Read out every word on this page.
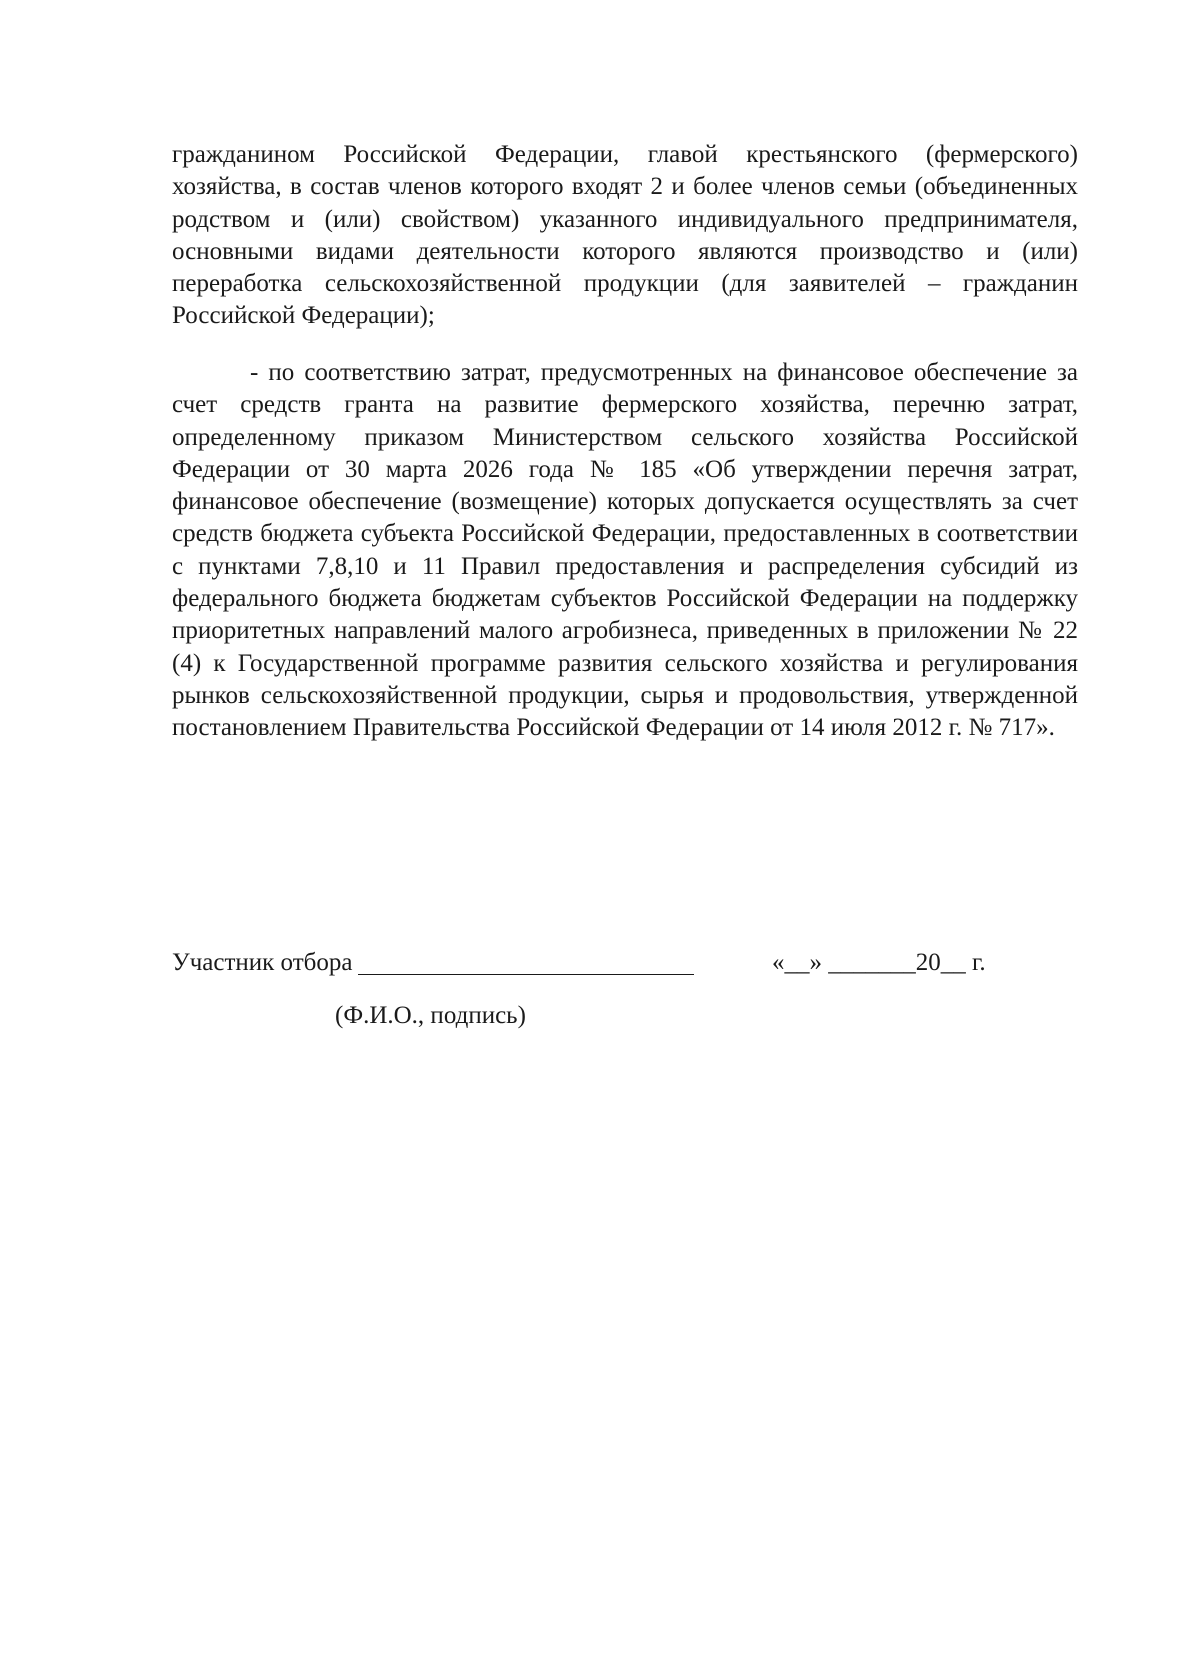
гражданином Российской Федерации, главой крестьянского (фермерского) хозяйства, в состав членов которого входят 2 и более членов семьи (объединенных родством и (или) свойством) указанного индивидуального предпринимателя, основными видами деятельности которого являются производство и (или) переработка сельскохозяйственной продукции (для заявителей – гражданин Российской Федерации);

- по соответствию затрат, предусмотренных на финансовое обеспечение за счет средств гранта на развитие фермерского хозяйства, перечню затрат, определенному приказом Министерством сельского хозяйства Российской Федерации от 30 марта 2026 года № 185 «Об утверждении перечня затрат, финансовое обеспечение (возмещение) которых допускается осуществлять за счет средств бюджета субъекта Российской Федерации, предоставленных в соответствии с пунктами 7,8,10 и 11 Правил предоставления и распределения субсидий из федерального бюджета бюджетам субъектов Российской Федерации на поддержку приоритетных направлений малого агробизнеса, приведенных в приложении № 22 (4) к Государственной программе развития сельского хозяйства и регулирования рынков сельскохозяйственной продукции, сырья и продовольствия, утвержденной постановлением Правительства Российской Федерации от 14 июля 2012 г. № 717».

Участник отбора	«__» _______20__ г.
(Ф.И.О., подпись)
